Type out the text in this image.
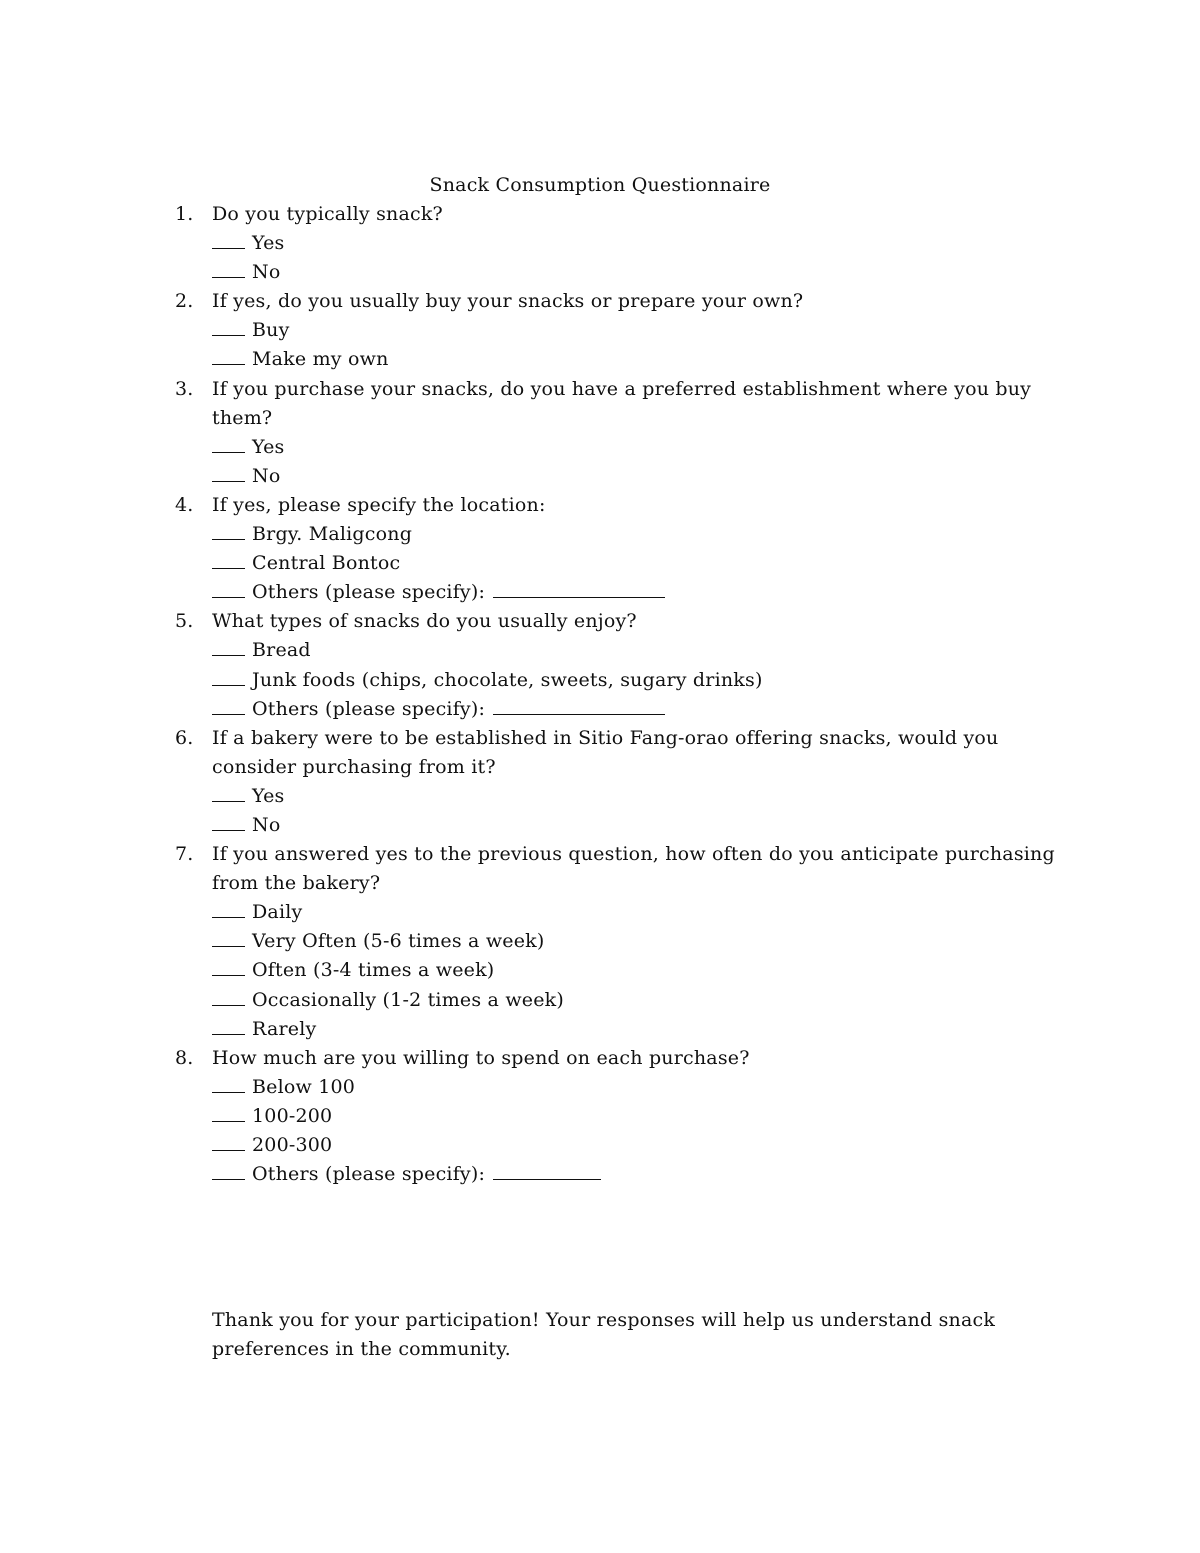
Snack Consumption Questionnaire
1. Do you typically snack?
Yes
No
2. If yes, do you usually buy your snacks or prepare your own?
Buy
Make my own
3. If you purchase your snacks, do you have a preferred establishment where you buy them?
Yes
No
4. If yes, please specify the location:
Brgy. Maligcong
Central Bontoc
Others (please specify):
5. What types of snacks do you usually enjoy?
Bread
Junk foods (chips, chocolate, sweets, sugary drinks)
Others (please specify):
6. If a bakery were to be established in Sitio Fang-orao offering snacks, would you consider purchasing from it?
Yes
No
7. If you answered yes to the previous question, how often do you anticipate purchasing from the bakery?
Daily
Very Often (5-6 times a week)
Often (3-4 times a week)
Occasionally (1-2 times a week)
Rarely
8. How much are you willing to spend on each purchase?
Below 100
100-200
200-300
Others (please specify):

Thank you for your participation! Your responses will help us understand snack preferences in the community.
